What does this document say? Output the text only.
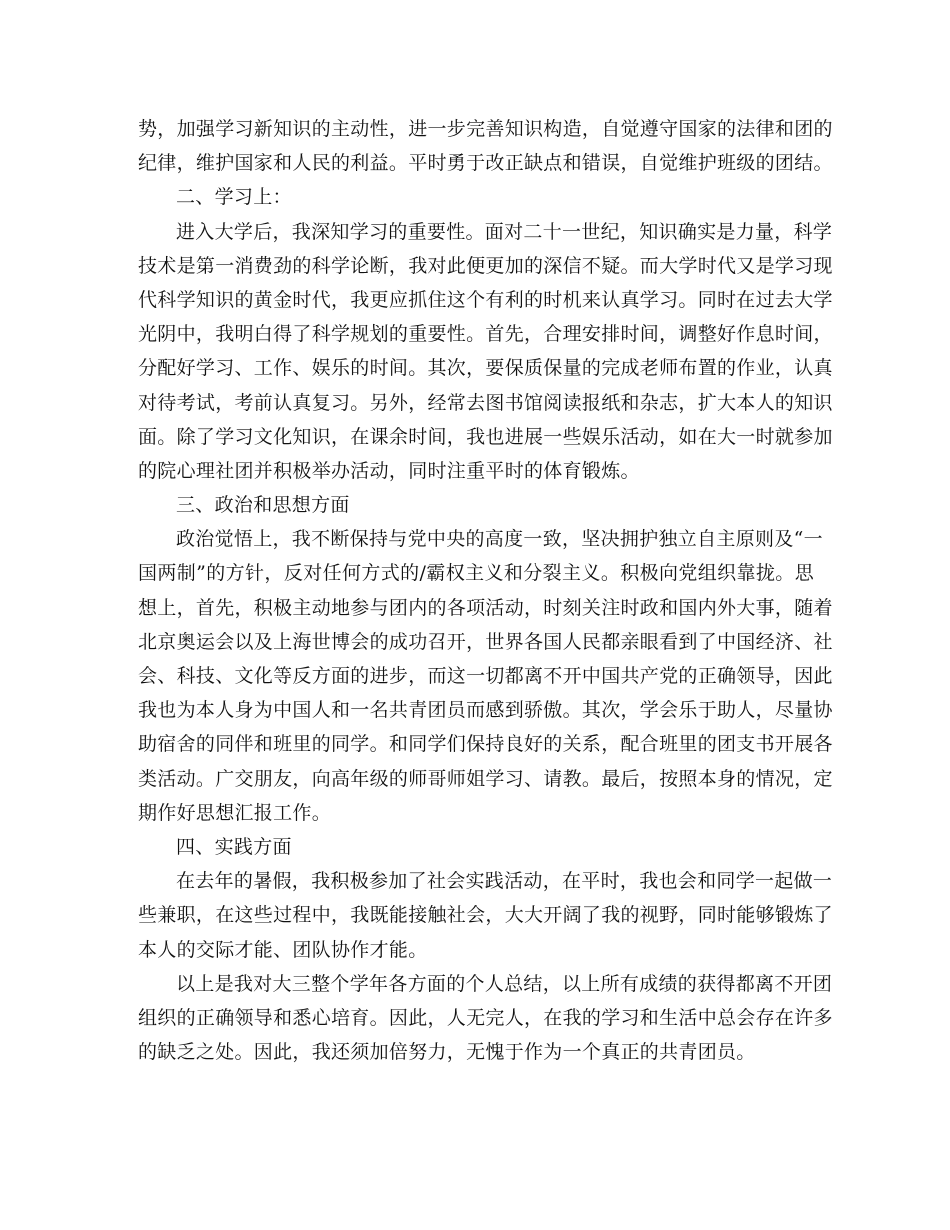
势，加强学习新知识的主动性，进一步完善知识构造，自觉遵守国家的法律和团的
纪律，维护国家和人民的利益。平时勇于改正缺点和错误，自觉维护班级的团结。
二、学习上：
进入大学后，我深知学习的重要性。面对二十一世纪，知识确实是力量，科学
技术是第一消费劲的科学论断，我对此便更加的深信不疑。而大学时代又是学习现
代科学知识的黄金时代，我更应抓住这个有利的时机来认真学习。同时在过去大学
光阴中，我明白得了科学规划的重要性。首先，合理安排时间，调整好作息时间，
分配好学习、工作、娱乐的时间。其次，要保质保量的完成老师布置的作业，认真
对待考试，考前认真复习。另外，经常去图书馆阅读报纸和杂志，扩大本人的知识
面。除了学习文化知识，在课余时间，我也进展一些娱乐活动，如在大一时就参加
的院心理社团并积极举办活动，同时注重平时的体育锻炼。
三、政治和思想方面
政治觉悟上，我不断保持与党中央的高度一致，坚决拥护独立自主原则及“一
国两制”的方针，反对任何方式的/霸权主义和分裂主义。积极向党组织靠拢。思
想上，首先，积极主动地参与团内的各项活动，时刻关注时政和国内外大事，随着
北京奥运会以及上海世博会的成功召开，世界各国人民都亲眼看到了中国经济、社
会、科技、文化等反方面的进步，而这一切都离不开中国共产党的正确领导，因此
我也为本人身为中国人和一名共青团员而感到骄傲。其次，学会乐于助人，尽量协
助宿舍的同伴和班里的同学。和同学们保持良好的关系，配合班里的团支书开展各
类活动。广交朋友，向高年级的师哥师姐学习、请教。最后，按照本身的情况，定
期作好思想汇报工作。
四、实践方面
在去年的暑假，我积极参加了社会实践活动，在平时，我也会和同学一起做一
些兼职，在这些过程中，我既能接触社会，大大开阔了我的视野，同时能够锻炼了
本人的交际才能、团队协作才能。
以上是我对大三整个学年各方面的个人总结，以上所有成绩的获得都离不开团
组织的正确领导和悉心培育。因此，人无完人，在我的学习和生活中总会存在许多
的缺乏之处。因此，我还须加倍努力，无愧于作为一个真正的共青团员。
